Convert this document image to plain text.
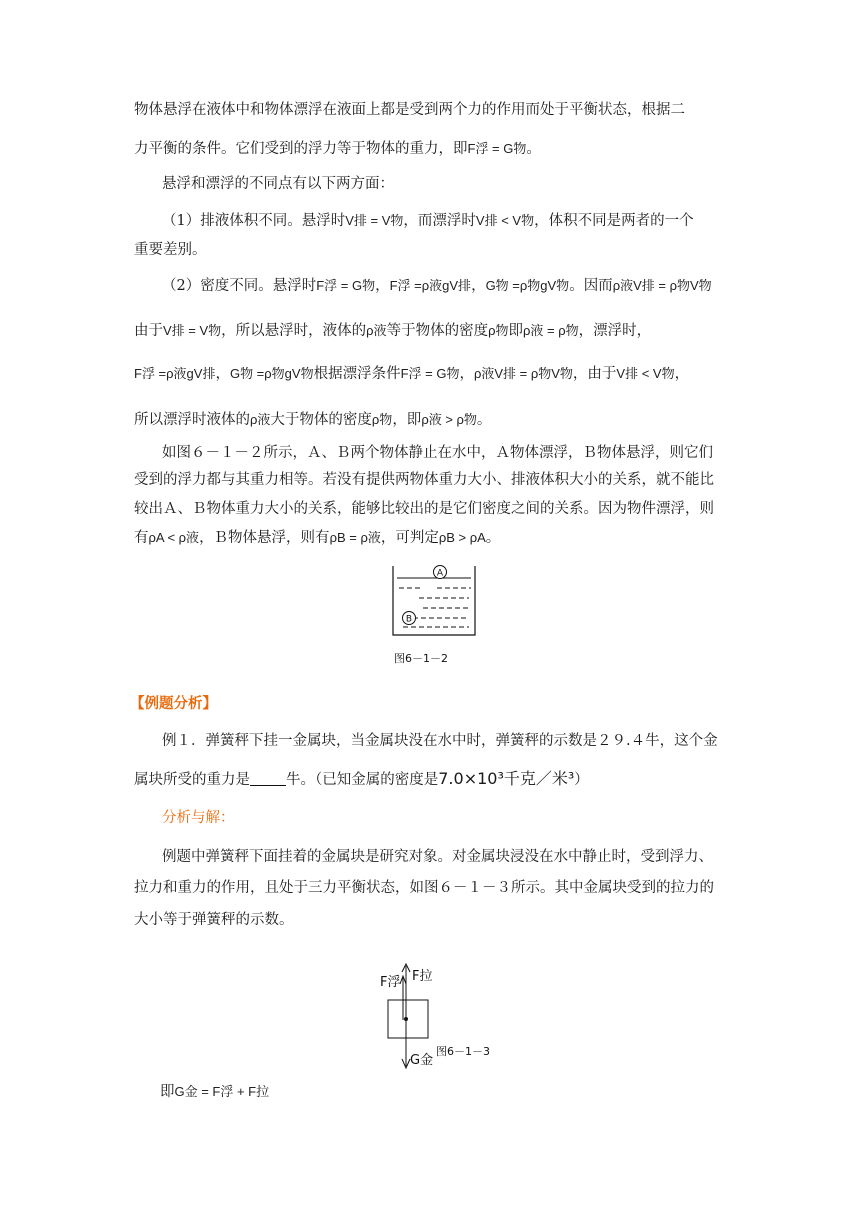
物体悬浮在液体中和物体漂浮在液面上都是受到两个力的作用而处于平衡状态，根据二
力平衡的条件。它们受到的浮力等于物体的重力，即F浮 = G物。
悬浮和漂浮的不同点有以下两方面：
（1）排液体积不同。悬浮时V排 = V物，而漂浮时V排 < V物，体积不同是两者的一个
重要差别。
（2）密度不同。悬浮时F浮 = G物，F浮 =ρ液gV排，G物 =ρ物gV物。因而ρ液V排 = ρ物V物
由于V排 = V物，所以悬浮时，液体的ρ液等于物体的密度ρ物即ρ液 = ρ物，漂浮时，
F浮 =ρ液gV排，G物 =ρ物gV物根据漂浮条件F浮 = G物，ρ液V排 = ρ物V物，由于V排 < V物，
所以漂浮时液体的ρ液大于物体的密度ρ物，即ρ液 > ρ物。
如图６－１－２所示，Ａ、Ｂ两个物体静止在水中，Ａ物体漂浮，Ｂ物体悬浮，则它们
受到的浮力都与其重力相等。若没有提供两物体重力大小、排液体积大小的关系，就不能比
较出Ａ、Ｂ物体重力大小的关系，能够比较出的是它们密度之间的关系。因为物件漂浮，则
有ρA < ρ液，Ｂ物体悬浮，则有ρB = ρ液，可判定ρB > ρA。
A
B
图6－1－2
【例题分析】
例１．弹簧秤下挂一金属块，当金属块没在水中时，弹簧秤的示数是２９.４牛，这个金
属块所受的重力是 牛。（已知金属的密度是7.0×10³千克／米³）
分析与解：
例题中弹簧秤下面挂着的金属块是研究对象。对金属块浸没在水中静止时，受到浮力、
拉力和重力的作用，且处于三力平衡状态，如图６－１－３所示。其中金属块受到的拉力的
大小等于弹簧秤的示数。
F浮 F拉
G金
图6－1－3
即G金 = F浮 + F拉
